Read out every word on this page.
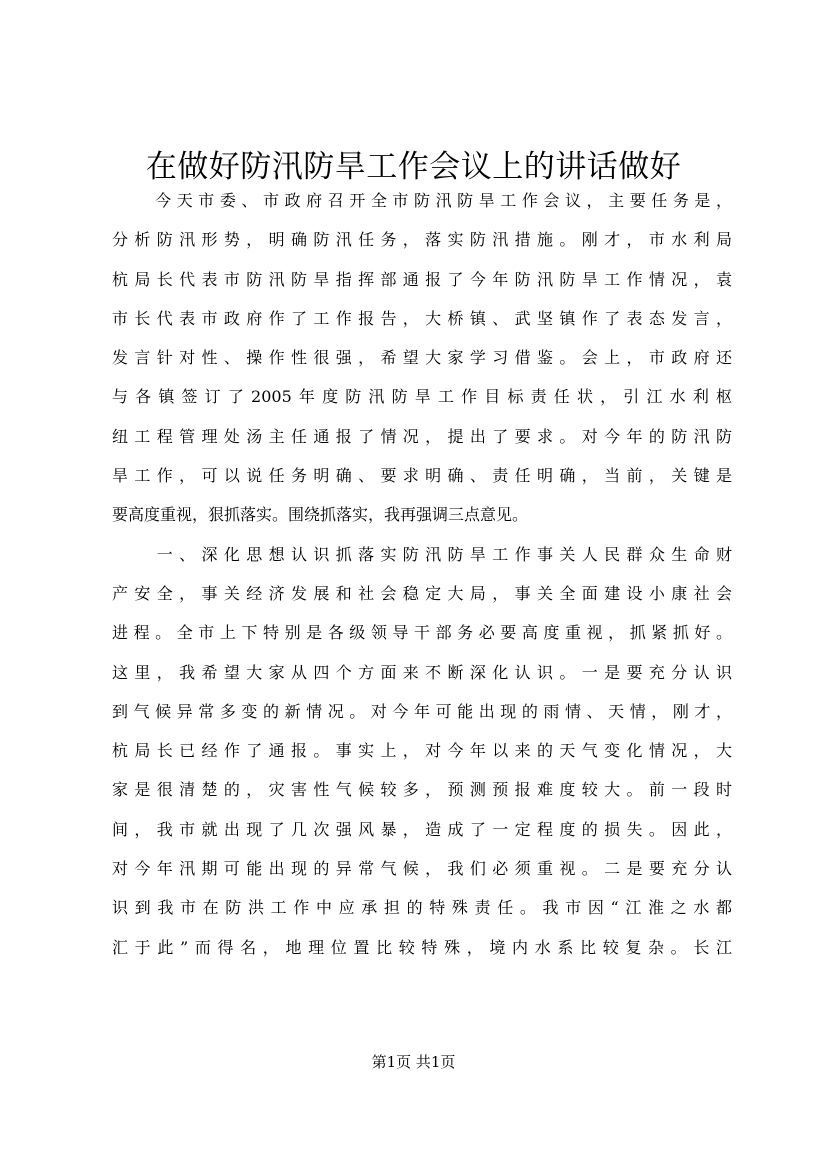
在做好防汛防旱工作会议上的讲话做好
　　今天市委、市政府召开全市防汛防旱工作会议，主要任务是，
分析防汛形势，明确防汛任务，落实防汛措施。刚才，市水利局
杭局长代表市防汛防旱指挥部通报了今年防汛防旱工作情况，袁
市长代表市政府作了工作报告，大桥镇、武坚镇作了表态发言，
发言针对性、操作性很强，希望大家学习借鉴。会上，市政府还
与各镇签订了2005年度防汛防旱工作目标责任状，引江水利枢
纽工程管理处汤主任通报了情况，提出了要求。对今年的防汛防
旱工作，可以说任务明确、要求明确、责任明确，当前，关键是
要高度重视，狠抓落实。围绕抓落实，我再强调三点意见。
　　一、深化思想认识抓落实防汛防旱工作事关人民群众生命财
产安全，事关经济发展和社会稳定大局，事关全面建设小康社会
进程。全市上下特别是各级领导干部务必要高度重视，抓紧抓好。
这里，我希望大家从四个方面来不断深化认识。一是要充分认识
到气候异常多变的新情况。对今年可能出现的雨情、天情，刚才，
杭局长已经作了通报。事实上，对今年以来的天气变化情况，大
家是很清楚的，灾害性气候较多，预测预报难度较大。前一段时
间，我市就出现了几次强风暴，造成了一定程度的损失。因此，
对今年汛期可能出现的异常气候，我们必须重视。二是要充分认
识到我市在防洪工作中应承担的特殊责任。我市因“江淮之水都
汇于此”而得名，地理位置比较特殊，境内水系比较复杂。长江
第1页 共1页
